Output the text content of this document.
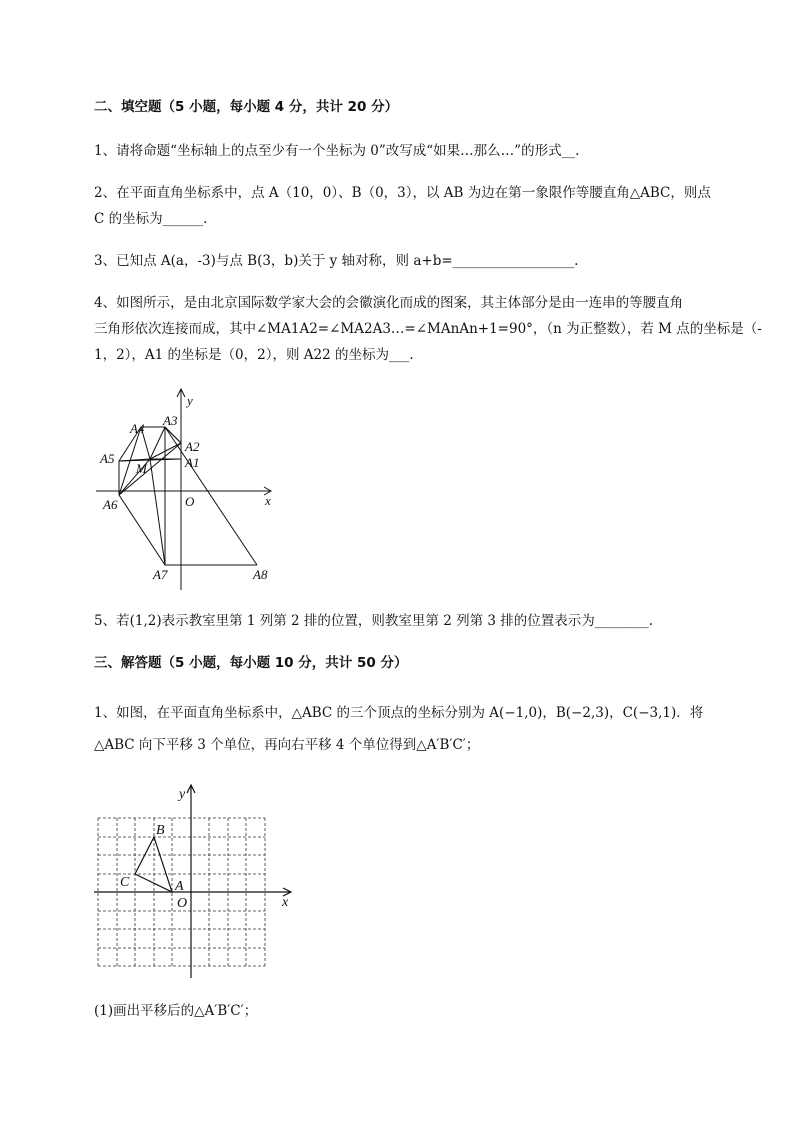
二、填空题（5 小题，每小题 4 分，共计 20 分）
1、请将命题“坐标轴上的点至少有一个坐标为 0”改写成“如果…那么…”的形式__.
2、在平面直角坐标系中，点 A（10，0）、B（0，3），以 AB 为边在第一象限作等腰直角△ABC，则点
C 的坐标为______.
3、已知点 A(a，-3)与点 B(3，b)关于 y 轴对称，则 a+b=__________________.
4、如图所示，是由北京国际数学家大会的会徽演化而成的图案，其主体部分是由一连串的等腰直角
三角形依次连接而成，其中∠MA1A2=∠MA2A3…=∠MAnAn+1=90°，（n 为正整数），若 M 点的坐标是（-
1，2），A1 的坐标是（0，2），则 A22 的坐标为___.
y
x
O
M	A1
A2
A3
A4
A5
A6
A7	A8
5、若(1,2)表示教室里第 1 列第 2 排的位置，则教室里第 2 列第 3 排的位置表示为________.
三、解答题（5 小题，每小题 10 分，共计 50 分）
1、如图，在平面直角坐标系中，△ABC 的三个顶点的坐标分别为 A(−1,0)，B(−2,3)，C(−3,1)．将
△ABC 向下平移 3 个单位，再向右平移 4 个单位得到△A′B′C′；
y
x
O
A
B
C
(1)画出平移后的△A′B′C′；
